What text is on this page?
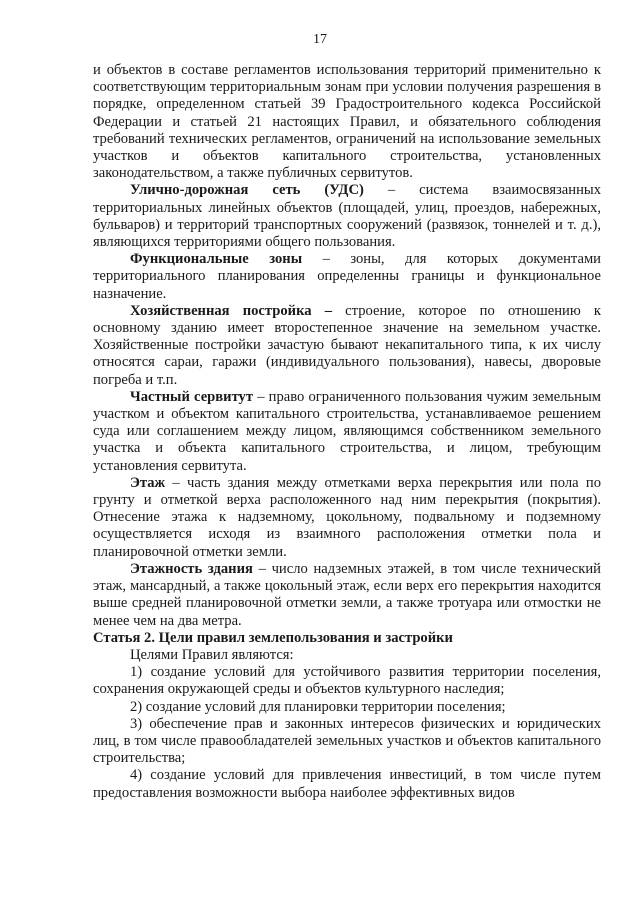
17

и объектов в составе регламентов использования территорий применительно к соответствующим территориальным зонам при условии получения разрешения в порядке, определенном статьей 39 Градостроительного кодекса Российской Федерации и статьей 21 настоящих Правил, и обязательного соблюдения требований технических регламентов, ограничений на использование земельных участков и объектов капитального строительства, установленных законодательством, а также публичных сервитутов.

Улично-дорожная сеть (УДС) – система взаимосвязанных территориальных линейных объектов (площадей, улиц, проездов, набережных, бульваров) и территорий транспортных сооружений (развязок, тоннелей и т. д.), являющихся территориями общего пользования.

Функциональные зоны – зоны, для которых документами территориального планирования определенны границы и функциональное назначение.

Хозяйственная постройка – строение, которое по отношению к основному зданию имеет второстепенное значение на земельном участке. Хозяйственные постройки зачастую бывают некапитального типа, к их числу относятся сараи, гаражи (индивидуального пользования), навесы, дворовые погреба и т.п.

Частный сервитут – право ограниченного пользования чужим земельным участком и объектом капитального строительства, устанавливаемое решением суда или соглашением между лицом, являющимся собственником земельного участка и объекта капитального строительства, и лицом, требующим установления сервитута.

Этаж – часть здания между отметками верха перекрытия или пола по грунту и отметкой верха расположенного над ним перекрытия (покрытия). Отнесение этажа к надземному, цокольному, подвальному и подземному осуществляется исходя из взаимного расположения отметки пола и планировочной отметки земли.

Этажность здания – число надземных этажей, в том числе технический этаж, мансардный, а также цокольный этаж, если верх его перекрытия находится выше средней планировочной отметки земли, а также тротуара или отмостки не менее чем на два метра.

Статья 2. Цели правил землепользования и застройки

Целями Правил являются:

1) создание условий для устойчивого развития территории поселения, сохранения окружающей среды и объектов культурного наследия;

2) создание условий для планировки территории поселения;

3) обеспечение прав и законных интересов физических и юридических лиц, в том числе правообладателей земельных участков и объектов капитального строительства;

4) создание условий для привлечения инвестиций, в том числе путем предоставления возможности выбора наиболее эффективных видов
